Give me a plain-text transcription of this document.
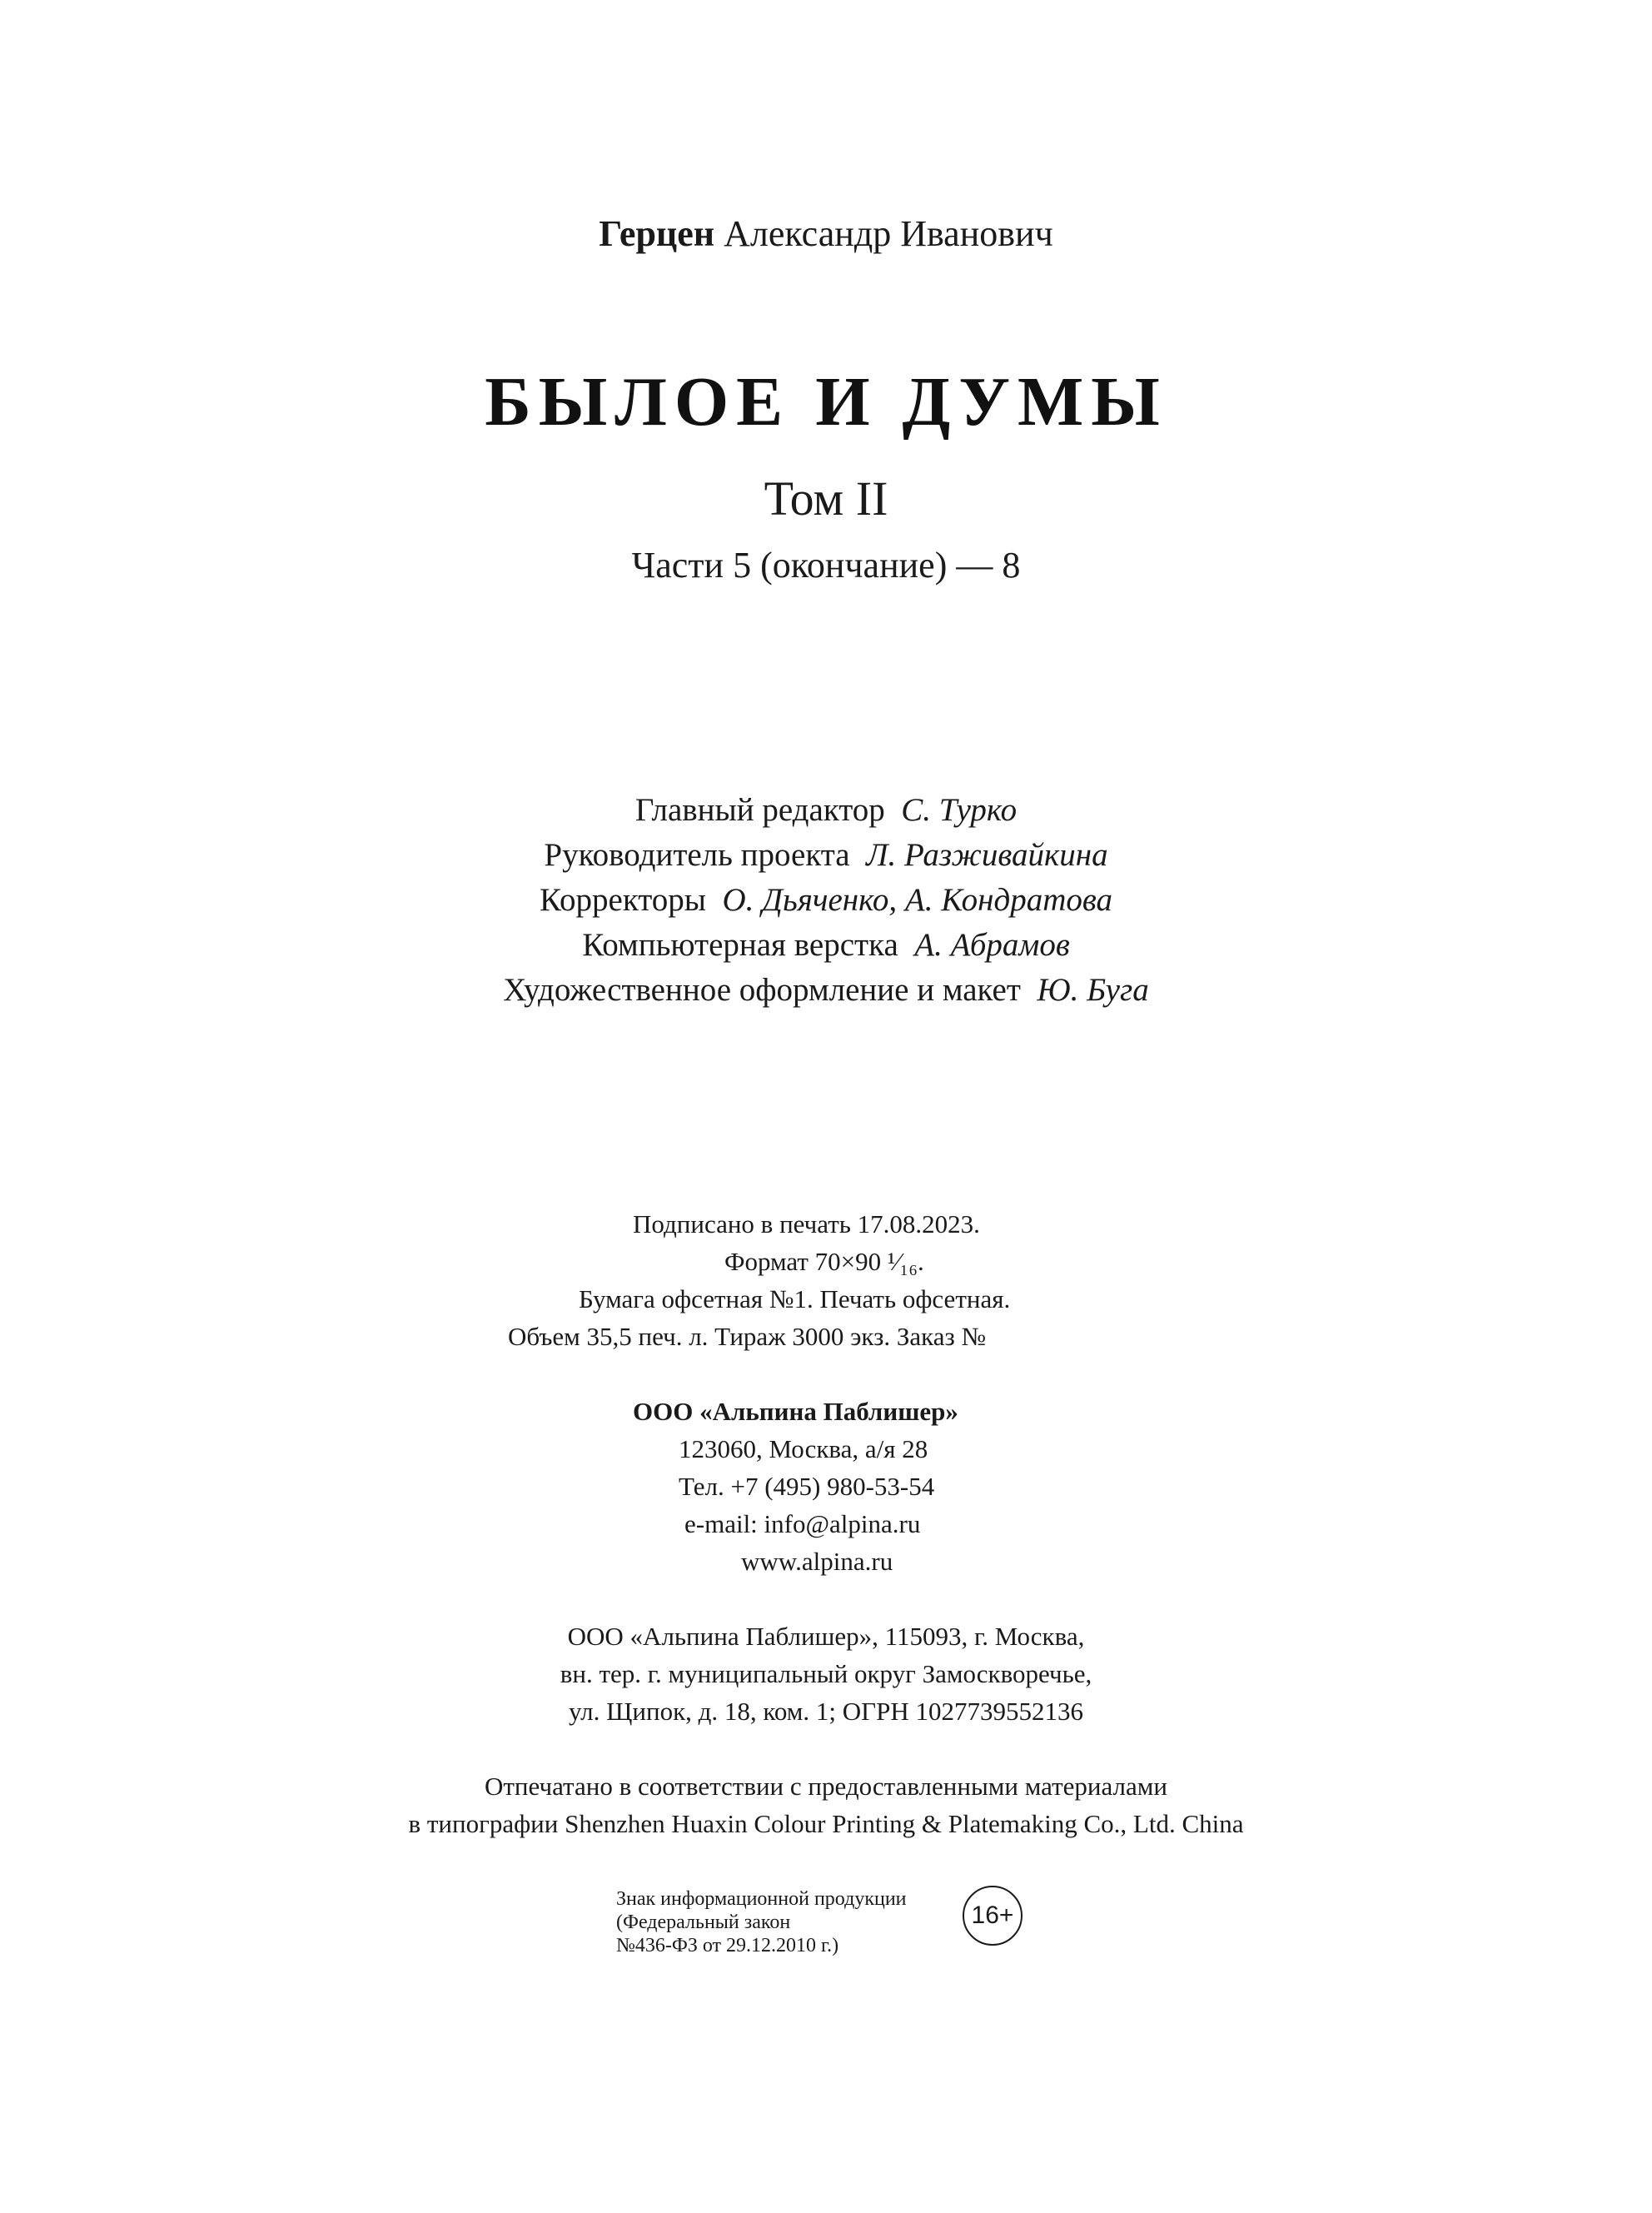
Герцен Александр Иванович
БЫЛОЕ И ДУМЫ
Том II
Части 5 (окончание) — 8
Главный редактор С. Турко
Руководитель проекта Л. Разживайкина
Корректоры О. Дьяченко, А. Кондратова
Компьютерная верстка А. Абрамов
Художественное оформление и макет Ю. Буга
Подписано в печать 17.08.2023.
Формат 70×90 ¹⁄₁₆.
Бумага офсетная №1. Печать офсетная.
Объем 35,5 печ. л. Тираж 3000 экз. Заказ №
ООО «Альпина Паблишер»
123060, Москва, а/я 28
Тел. +7 (495) 980-53-54
e-mail: info@alpina.ru
www.alpina.ru
ООО «Альпина Паблишер», 115093, г. Москва,
вн. тер. г. муниципальный округ Замоскворечье,
ул. Щипок, д. 18, ком. 1; ОГРН 1027739552136
Отпечатано в соответствии с предоставленными материалами
в типографии Shenzhen Huaxin Colour Printing & Platemaking Co., Ltd. China
Знак информационной продукции
(Федеральный закон
№436-ФЗ от 29.12.2010 г.)
16+
